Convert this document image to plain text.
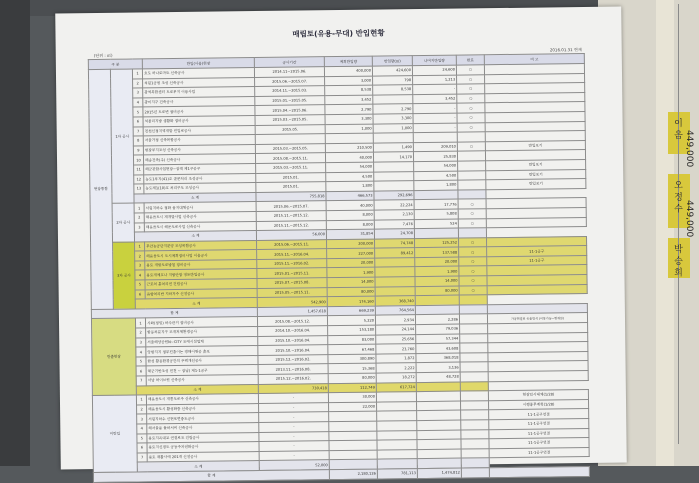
이 음
449,000
오 정 수
449,000
박 승 희
매립토(유용-무대) 반입현황
(단위 : ㎥)
2016.01.31 현재
구 분			반입(사용)현장	공사기간	계획반입량	반입량(㎥)	나머지반입량	완료	비 고
현장통합	1차 공사	1	효도 하나로마트 신축공사	2014.11~2015.06.	400,000	424,600	24,600	○	
		2	석림1공원 조성 신축공사	2015.06.~2015.07.	3,000	798	1,213	○	
		3	광역복합센터 도로부지 이용사업	2014.11.~2015.03.	8,538	8,538	-	○	
		4	광미지구 건축공사	2015.01.~2015.05.	3,452		3,452	○	
		5	2015년 도로변 정비공사	2015.04.~2015.06.	2,790	2,790	-	○	
		6	석불리지방 생활화 정비공사	2015.03.~2015.05.	3,300	3,300	-	○	
		7	진천신정지역개발 진입로공사	2015.05.	1,000	1,000	-	○	
		8	서울가정 신축복합공사						
		9	현장부지조성 신축공사	2015.03.~2015.05.	210,500	1,490	209,010	○	반입포기
		10	해송건축(주) 신축공사	2015.08.~2015.11.	40,000	14,170	25,830		
		11	해군관함사업현장~장벽 제1구공구	2015.03.~2015.11.	54,000		54,000		반입포기
		12	농도1부지(41)호 골분처리 조성공사	2015.01.	4,500		4,500		반입포기
		13	농도제1(10)호 처리구도 조성공사	2015.01.	1,800		1,800		반입포기
		소 계		755,818	466,573	292,696			
	2차 공사	1	서림지하수 정화 용지대체공사	2015.06.~2015.07.	40,000	22,224	17,776	○	
		2	해운읍도시 재개발사업 신축공사	2015.11.~2015.12.	8,000	2,130	5,808	○	
		3	해운읍도시 해운도로사업 신축공사	2015.11.~2015.12.	8,000	7,476	524	○	
		소 계		56,000	31,854	24,708			
	3차 공사	1	무안농공단지분양 조성복합공사	2015.06.~2015.11.	200,000	74,748	125,252	○	
		2	해운읍도시 도시계획정비사업 이용공사	2015.11.~2016.04.	227,000	89,412	137,588	○	11-1공구
		3	용토 개발도로방침 정비공사	2015.11.~2016.02.	20,000		20,000	○	11-1공구
		4	용토개체호나 지방단방 영토반입공사	2015.01.~2015.11.	1,900		1,900	○	
		5	근로처 흙처리연 건립공사	2015.07.~2015.08.	14,000		14,000	○	
		6	음향처리반 지하저수 신설공사	2015.05.~2015.11.	80,000		80,000	○	
		소 계		542,900	174,160	368,740			
합 계				1,457,618	669,239	764,564			
반출현장		1	시화(정밀) 하수관거 정비공사	2015.08.~2015.12.	5,220	2,934	2,286		가공연결된 유출방식 (이동가능~현재본)
		2	합동처분지구 조개처체환경공사	2014.10.~2016.04.	153,180	24,144	79,036		
		3	서울해양공원N~CITY 조애시설업체	2015.10.~2016.04.	83,000	25,656	57,344		
		4	앙합지지 정부진흥이는 경해이원공 흙포	2015.10.~2016.04.	67,468	23,760	43,608		
		5	합성 활동환경공간의 주택개선공사	2015.12.~2016.02.	300,890	1,872	368,018		
		6	해군기반조성 진천 ~ 장남) 제1-1공구	2013.11.~2016.08.	15,368	2,222	3,136		
		7	서남 하이브원 신축공사	2015.12.~2016.02.	80,000	18,272	48,728		
		소 계		730,418	112,749	617,724			
미반입		1	해운읍도시 개통도로주 신축공사	-	30,000				현장일시대체(1/28)
		2	해운읍도시 활성화종 신축공사	-	22,000				시행중무계획(1/28)
		3	서림지하수 신현포면중도공사	-					11-1공구연결
		4	해서울용 돌하서씨 신축공사	-					11-1공구연결
		5	용토지옥대교 연결로조 건립공사	-					11-1공구연결
		6	용토지신경도 공동주차년화공사	-					11-1공구연결
		7	용토 재활사에 201개 신설공사	-					11-1공구연결
		소 계		52,000					
합 계					2,180,126	781,113	1,474,812		
